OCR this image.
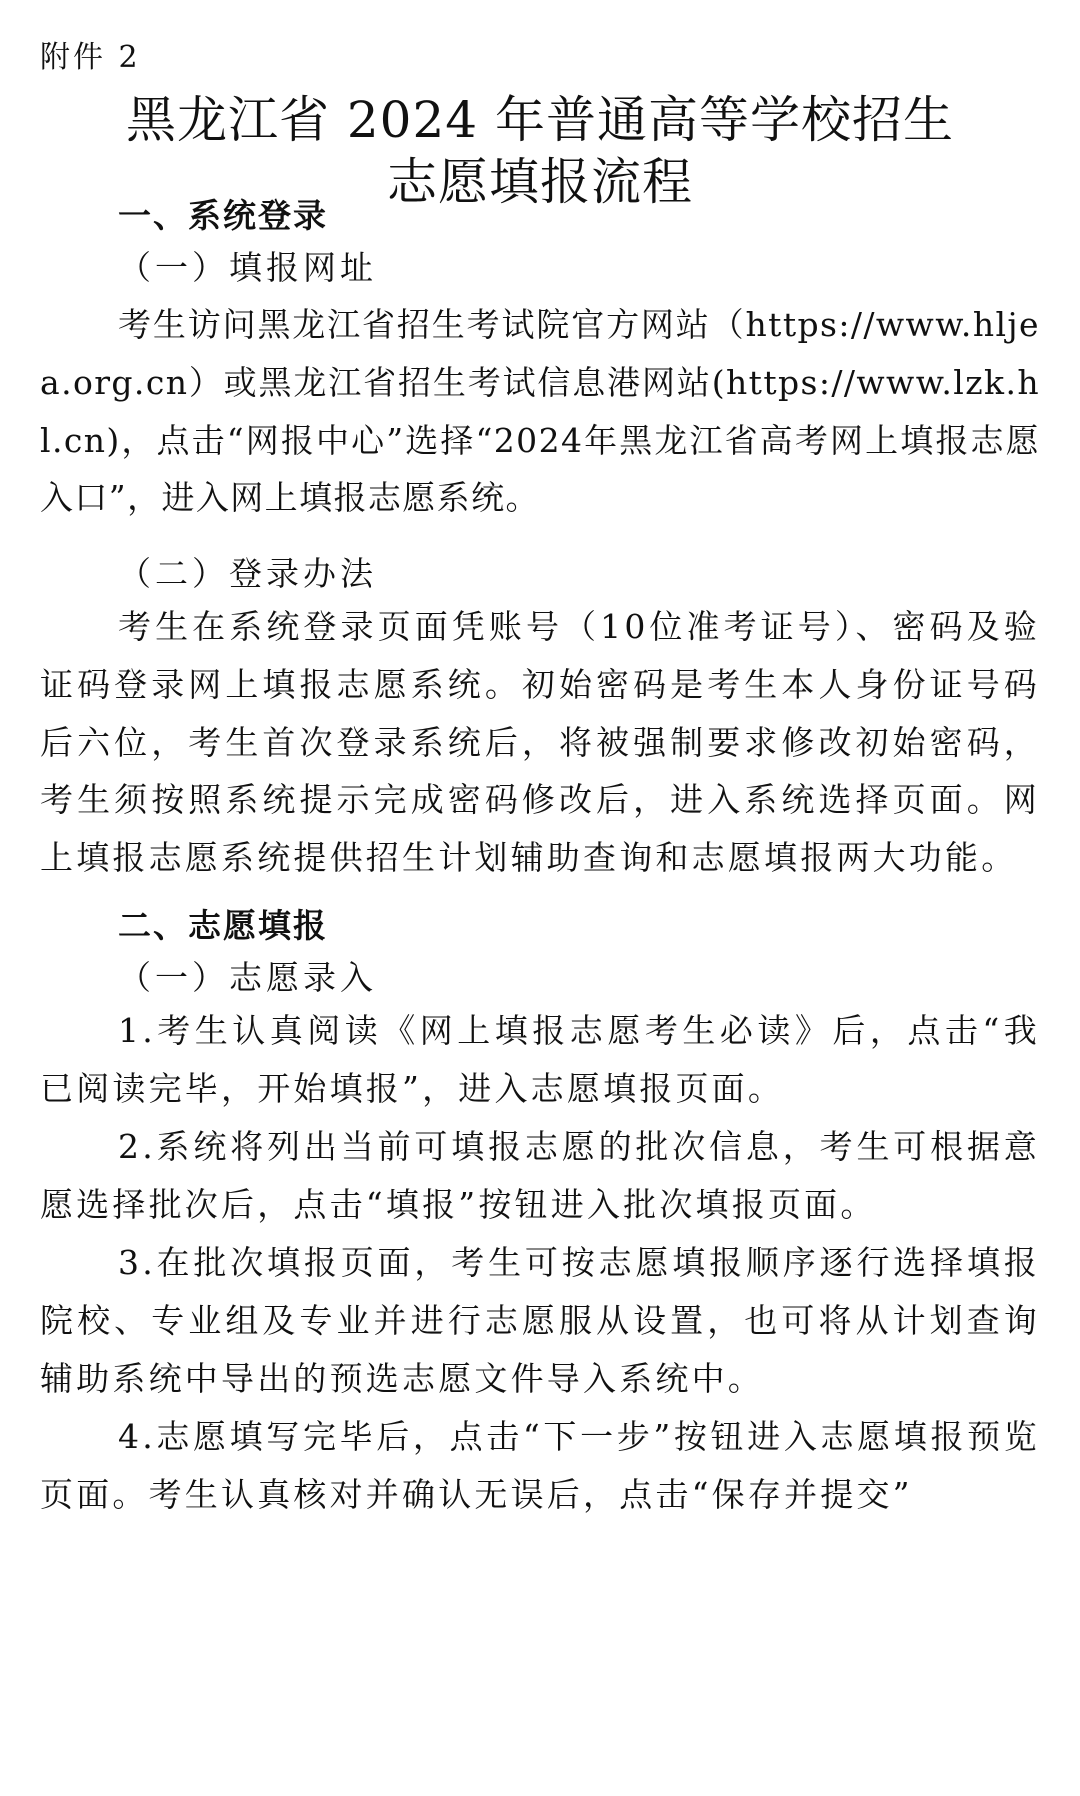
附件 2
黑龙江省 2024 年普通高等学校招生
志愿填报流程
一、系统登录
（一）填报网址
考生访问黑龙江省招生考试院官方网站（https://www.hljea.org.cn）或黑龙江省招生考试信息港网站(https://www.lzk.hl.cn)，点击“网报中心”选择“2024年黑龙江省高考网上填报志愿入口”，进入网上填报志愿系统。
（二）登录办法
考生在系统登录页面凭账号（10位准考证号）、密码及验证码登录网上填报志愿系统。初始密码是考生本人身份证号码后六位，考生首次登录系统后，将被强制要求修改初始密码，考生须按照系统提示完成密码修改后，进入系统选择页面。网上填报志愿系统提供招生计划辅助查询和志愿填报两大功能。
二、志愿填报
（一）志愿录入
1.考生认真阅读《网上填报志愿考生必读》后，点击“我已阅读完毕，开始填报”，进入志愿填报页面。
2.系统将列出当前可填报志愿的批次信息，考生可根据意愿选择批次后，点击“填报”按钮进入批次填报页面。
3.在批次填报页面，考生可按志愿填报顺序逐行选择填报院校、专业组及专业并进行志愿服从设置，也可将从计划查询辅助系统中导出的预选志愿文件导入系统中。
4.志愿填写完毕后，点击“下一步”按钮进入志愿填报预览页面。考生认真核对并确认无误后，点击“保存并提交”
